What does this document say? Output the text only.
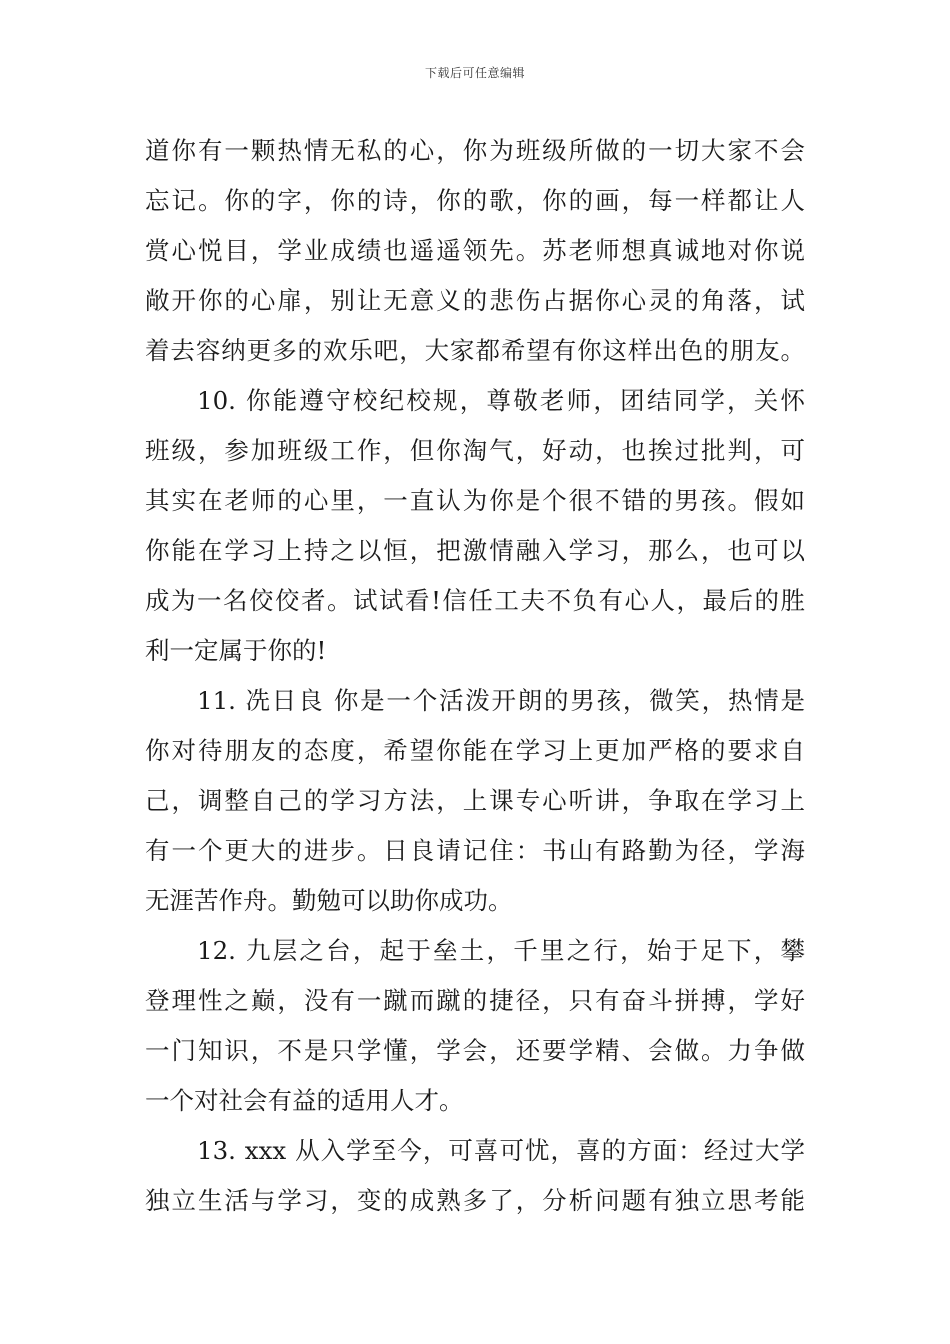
下载后可任意编辑

道你有一颗热情无私的心，你为班级所做的一切大家不会
忘记。你的字，你的诗，你的歌，你的画，每一样都让人
赏心悦目，学业成绩也遥遥领先。苏老师想真诚地对你说
敞开你的心扉，别让无意义的悲伤占据你心灵的角落，试
着去容纳更多的欢乐吧，大家都希望有你这样出色的朋友。

10. 你能遵守校纪校规，尊敬老师，团结同学，关怀
班级，参加班级工作，但你淘气，好动，也挨过批判，可
其实在老师的心里，一直认为你是个很不错的男孩。假如
你能在学习上持之以恒，把激情融入学习，那么，也可以
成为一名佼佼者。试试看!信任工夫不负有心人，最后的胜
利一定属于你的!

11. 冼日良 你是一个活泼开朗的男孩，微笑，热情是
你对待朋友的态度，希望你能在学习上更加严格的要求自
己，调整自己的学习方法，上课专心听讲，争取在学习上
有一个更大的进步。日良请记住：书山有路勤为径，学海
无涯苦作舟。勤勉可以助你成功。

12. 九层之台，起于垒土，千里之行，始于足下，攀
登理性之巅，没有一蹴而蹴的捷径，只有奋斗拼搏，学好
一门知识，不是只学懂，学会，还要学精、会做。力争做
一个对社会有益的适用人才。

13. xxx 从入学至今，可喜可忧，喜的方面：经过大学
独立生活与学习，变的成熟多了，分析问题有独立思考能
